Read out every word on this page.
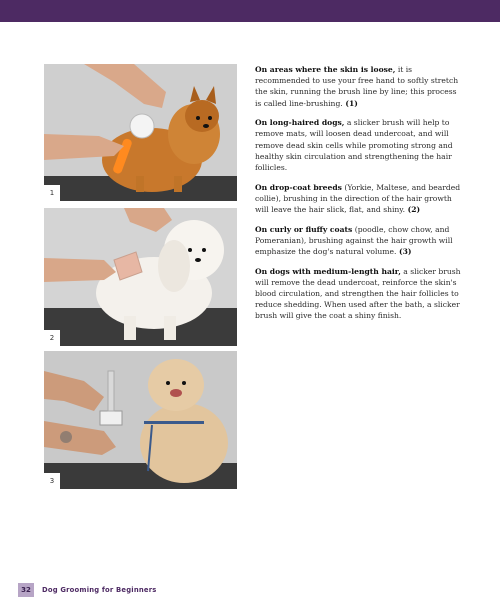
1
2
3

On areas where the skin is loose, it is recommended to use your free hand to softly stretch the skin, running the brush line by line; this process is called line-brushing. (1)

On long-haired dogs, a slicker brush will help to remove mats, will loosen dead undercoat, and will remove dead skin cells while promoting strong and healthy skin circulation and strengthening the hair follicles.

On drop-coat breeds (Yorkie, Maltese, and bearded collie), brushing in the direction of the hair growth will leave the hair slick, flat, and shiny. (2)

On curly or fluffy coats (poodle, chow chow, and Pomeranian), brushing against the hair growth will emphasize the dog's natural volume. (3)

On dogs with medium-length hair, a slicker brush will remove the dead undercoat, reinforce the skin's blood circulation, and strengthen the hair follicles to reduce shedding. When used after the bath, a slicker brush will give the coat a shiny finish.

32	Dog Grooming for Beginners
